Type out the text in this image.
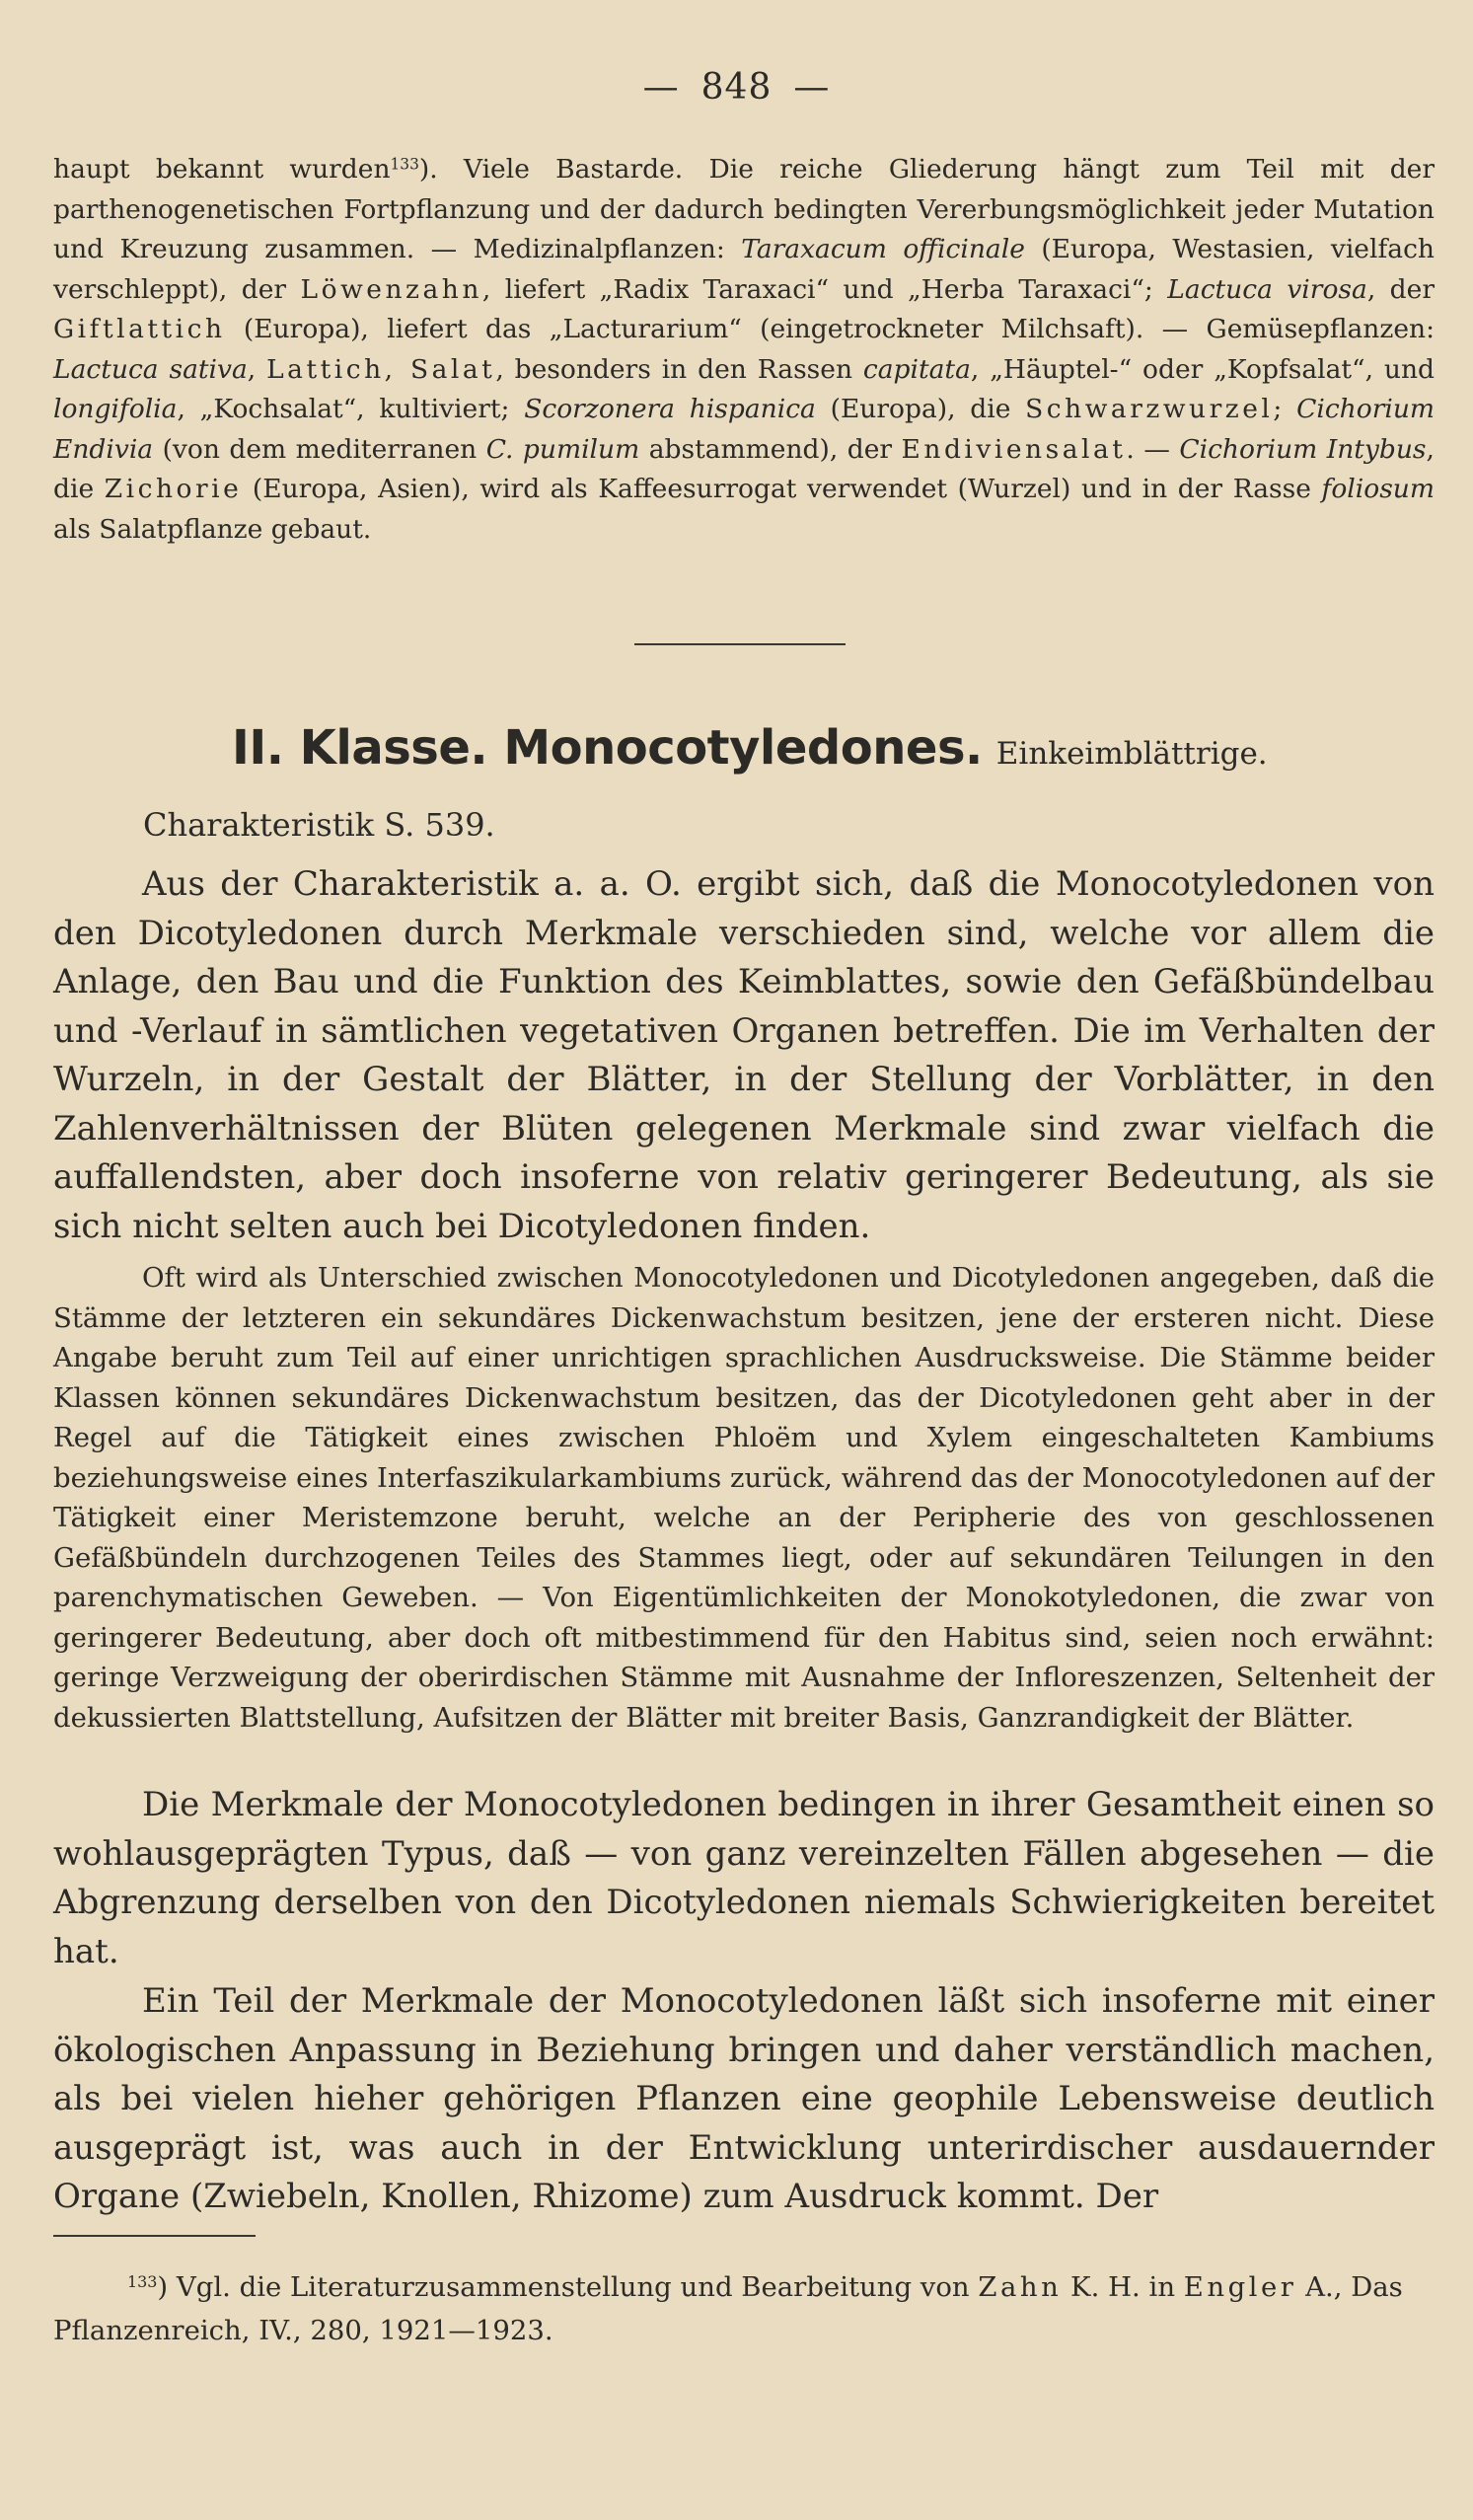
— 848 —
haupt bekannt wurden$^{133}$). Viele Bastarde. Die reiche Gliederung hängt zum Teil mit der parthenogenetischen Fortpflanzung und der dadurch bedingten Vererbungsmöglichkeit jeder Mutation und Kreuzung zusammen. — Medizinalpflanzen: Taraxacum officinale (Europa, Westasien, vielfach verschleppt), der Löwenzahn, liefert „Radix Taraxaci“ und „Herba Taraxaci“; Lactuca virosa, der Giftlattich (Europa), liefert das „Lacturarium“ (eingetrockneter Milchsaft). — Gemüsepflanzen: Lactuca sativa, Lattich, Salat, besonders in den Rassen capitata, „Häuptel-“ oder „Kopfsalat“, und longifolia, „Kochsalat“, kultiviert; Scorzonera hispanica (Europa), die Schwarzwurzel; Cichorium Endivia (von dem mediterranen C. pumilum abstammend), der Endiviensalat. — Cichorium Intybus, die Zichorie (Europa, Asien), wird als Kaffeesurrogat verwendet (Wurzel) und in der Rasse foliosum als Salatpflanze gebaut.
II. Klasse. Monocotyledones. Einkeimblättrige.
Charakteristik S. 539.
Aus der Charakteristik a. a. O. ergibt sich, daß die Monocotyledonen von den Dicotyledonen durch Merkmale verschieden sind, welche vor allem die Anlage, den Bau und die Funktion des Keimblattes, sowie den Gefäßbündelbau und -Verlauf in sämtlichen vegetativen Organen betreffen. Die im Verhalten der Wurzeln, in der Gestalt der Blätter, in der Stellung der Vorblätter, in den Zahlenverhältnissen der Blüten gelegenen Merkmale sind zwar vielfach die auffallendsten, aber doch insoferne von relativ geringerer Bedeutung, als sie sich nicht selten auch bei Dicotyledonen finden.
Oft wird als Unterschied zwischen Monocotyledonen und Dicotyledonen angegeben, daß die Stämme der letzteren ein sekundäres Dickenwachstum besitzen, jene der ersteren nicht. Diese Angabe beruht zum Teil auf einer unrichtigen sprachlichen Ausdrucksweise. Die Stämme beider Klassen können sekundäres Dickenwachstum besitzen, das der Dicotyledonen geht aber in der Regel auf die Tätigkeit eines zwischen Phloëm und Xylem eingeschalteten Kambiums beziehungsweise eines Interfaszikularkambiums zurück, während das der Monocotyledonen auf der Tätigkeit einer Meristemzone beruht, welche an der Peripherie des von geschlossenen Gefäßbündeln durchzogenen Teiles des Stammes liegt, oder auf sekundären Teilungen in den parenchymatischen Geweben. — Von Eigentümlichkeiten der Monokotyledonen, die zwar von geringerer Bedeutung, aber doch oft mitbestimmend für den Habitus sind, seien noch erwähnt: geringe Verzweigung der oberirdischen Stämme mit Ausnahme der Infloreszenzen, Seltenheit der dekussierten Blattstellung, Aufsitzen der Blätter mit breiter Basis, Ganzrandigkeit der Blätter.
Die Merkmale der Monocotyledonen bedingen in ihrer Gesamtheit einen so wohlausgeprägten Typus, daß — von ganz vereinzelten Fällen abgesehen — die Abgrenzung derselben von den Dicotyledonen niemals Schwierigkeiten bereitet hat.
Ein Teil der Merkmale der Monocotyledonen läßt sich insoferne mit einer ökologischen Anpassung in Beziehung bringen und daher verständlich machen, als bei vielen hieher gehörigen Pflanzen eine geophile Lebensweise deutlich ausgeprägt ist, was auch in der Entwicklung unterirdischer ausdauernder Organe (Zwiebeln, Knollen, Rhizome) zum Ausdruck kommt. Der
$^{133}$) Vgl. die Literaturzusammenstellung und Bearbeitung von Zahn K. H. in Engler A., Das Pflanzenreich, IV., 280, 1921—1923.
